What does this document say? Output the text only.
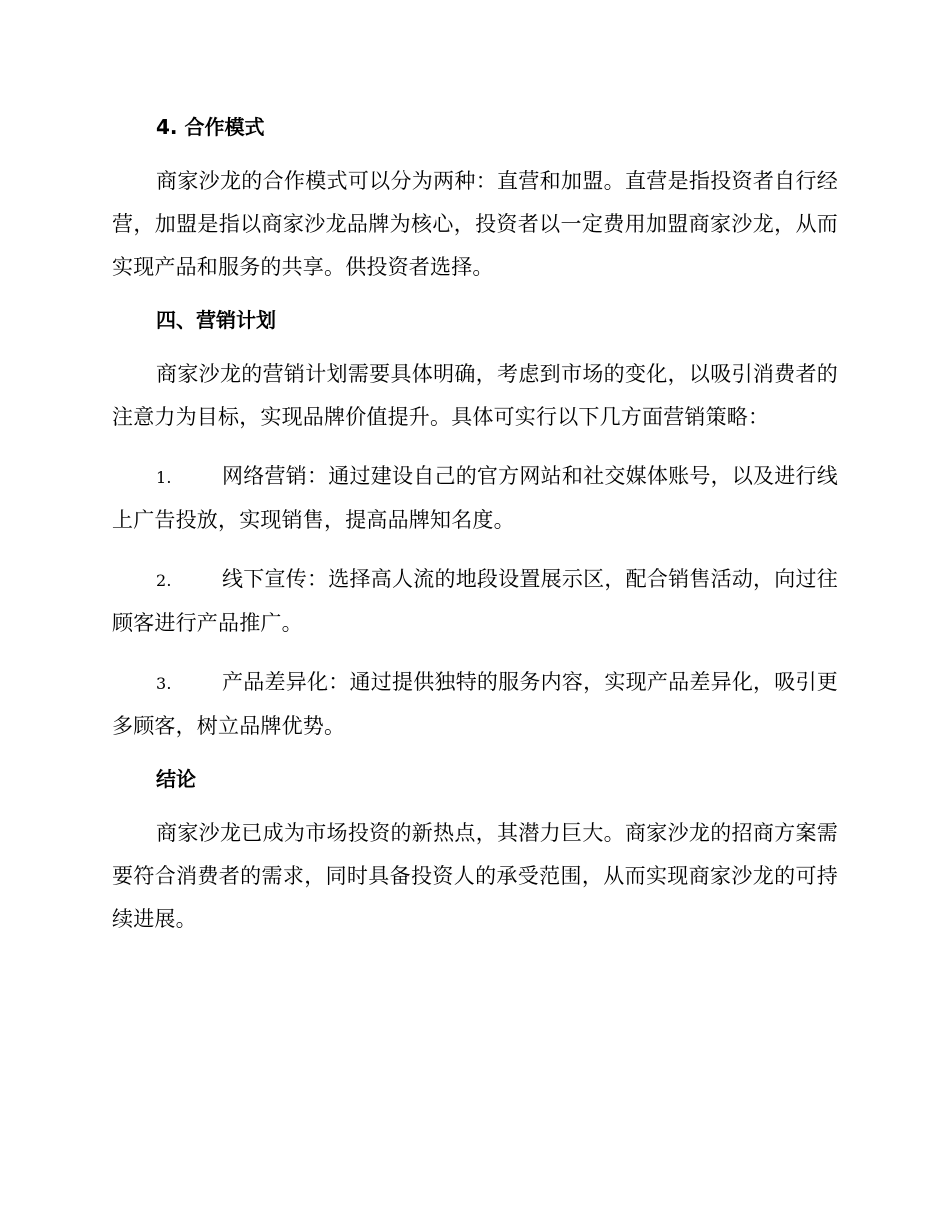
4. 合作模式

商家沙龙的合作模式可以分为两种：直营和加盟。直营是指投资者自行经营，加盟是指以商家沙龙品牌为核心，投资者以一定费用加盟商家沙龙，从而实现产品和服务的共享。供投资者选择。

四、营销计划

商家沙龙的营销计划需要具体明确，考虑到市场的变化，以吸引消费者的注意力为目标，实现品牌价值提升。具体可实行以下几方面营销策略：

1. 网络营销：通过建设自己的官方网站和社交媒体账号，以及进行线上广告投放，实现销售，提高品牌知名度。

2. 线下宣传：选择高人流的地段设置展示区，配合销售活动，向过往顾客进行产品推广。

3. 产品差异化：通过提供独特的服务内容，实现产品差异化，吸引更多顾客，树立品牌优势。

结论

商家沙龙已成为市场投资的新热点，其潜力巨大。商家沙龙的招商方案需要符合消费者的需求，同时具备投资人的承受范围，从而实现商家沙龙的可持续进展。
